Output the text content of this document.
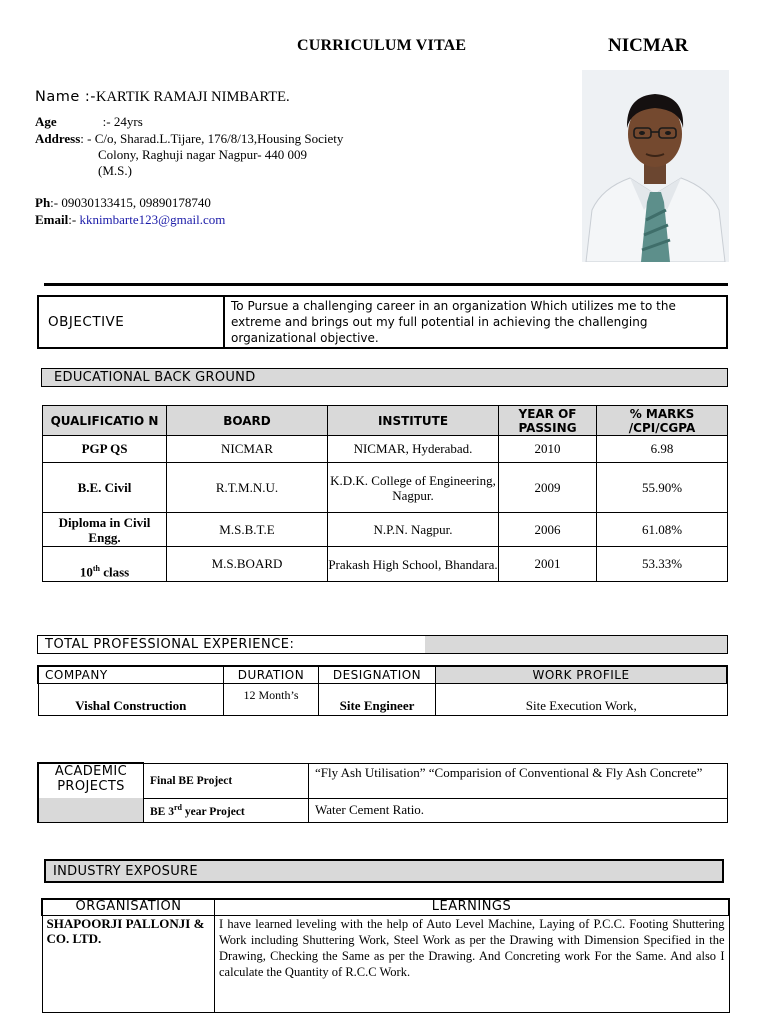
CURRICULUM VITAE	NICMAR
Name :-KARTIK RAMAJI NIMBARTE.
Age	:- 24yrs
Address: - C/o, Sharad.L.Tijare, 176/8/13,Housing Society
Colony, Raghuji nagar Nagpur- 440 009
(M.S.)
Ph:- 09030133415, 09890178740
Email:- kknimbarte123@gmail.com
OBJECTIVE	To Pursue a challenging career in an organization Which utilizes me to the extreme and brings out my full potential in achieving the challenging organizational objective.
EDUCATIONAL BACK GROUND
QUALIFICATIO N	BOARD	INSTITUTE	YEAR OF PASSING	% MARKS /CPI/CGPA
PGP QS	NICMAR	NICMAR, Hyderabad.	2010	6.98
B.E. Civil	R.T.M.N.U.	K.D.K. College of Engineering, Nagpur.	2009	55.90%
Diploma in Civil Engg.	M.S.B.T.E	N.P.N. Nagpur.	2006	61.08%
10th class	M.S.BOARD	Prakash High School, Bhandara.	2001	53.33%
TOTAL PROFESSIONAL EXPERIENCE:
COMPANY	DURATION	DESIGNATION	WORK PROFILE
Vishal Construction	12 Month’s	Site Engineer	Site Execution Work,
ACADEMIC PROJECTS	Final BE Project	“Fly Ash Utilisation” “Comparision of Conventional & Fly Ash Concrete”
	BE 3rd year Project	Water Cement Ratio.
INDUSTRY EXPOSURE
ORGANISATION	LEARNINGS
SHAPOORJI PALLONJI & CO. LTD.	I have learned leveling with the help of Auto Level Machine, Laying of P.C.C. Footing Shuttering Work including Shuttering Work, Steel Work as per the Drawing with Dimension Specified in the Drawing, Checking the Same as per the Drawing. And Concreting work For the Same. And also I calculate the Quantity of R.C.C Work.
